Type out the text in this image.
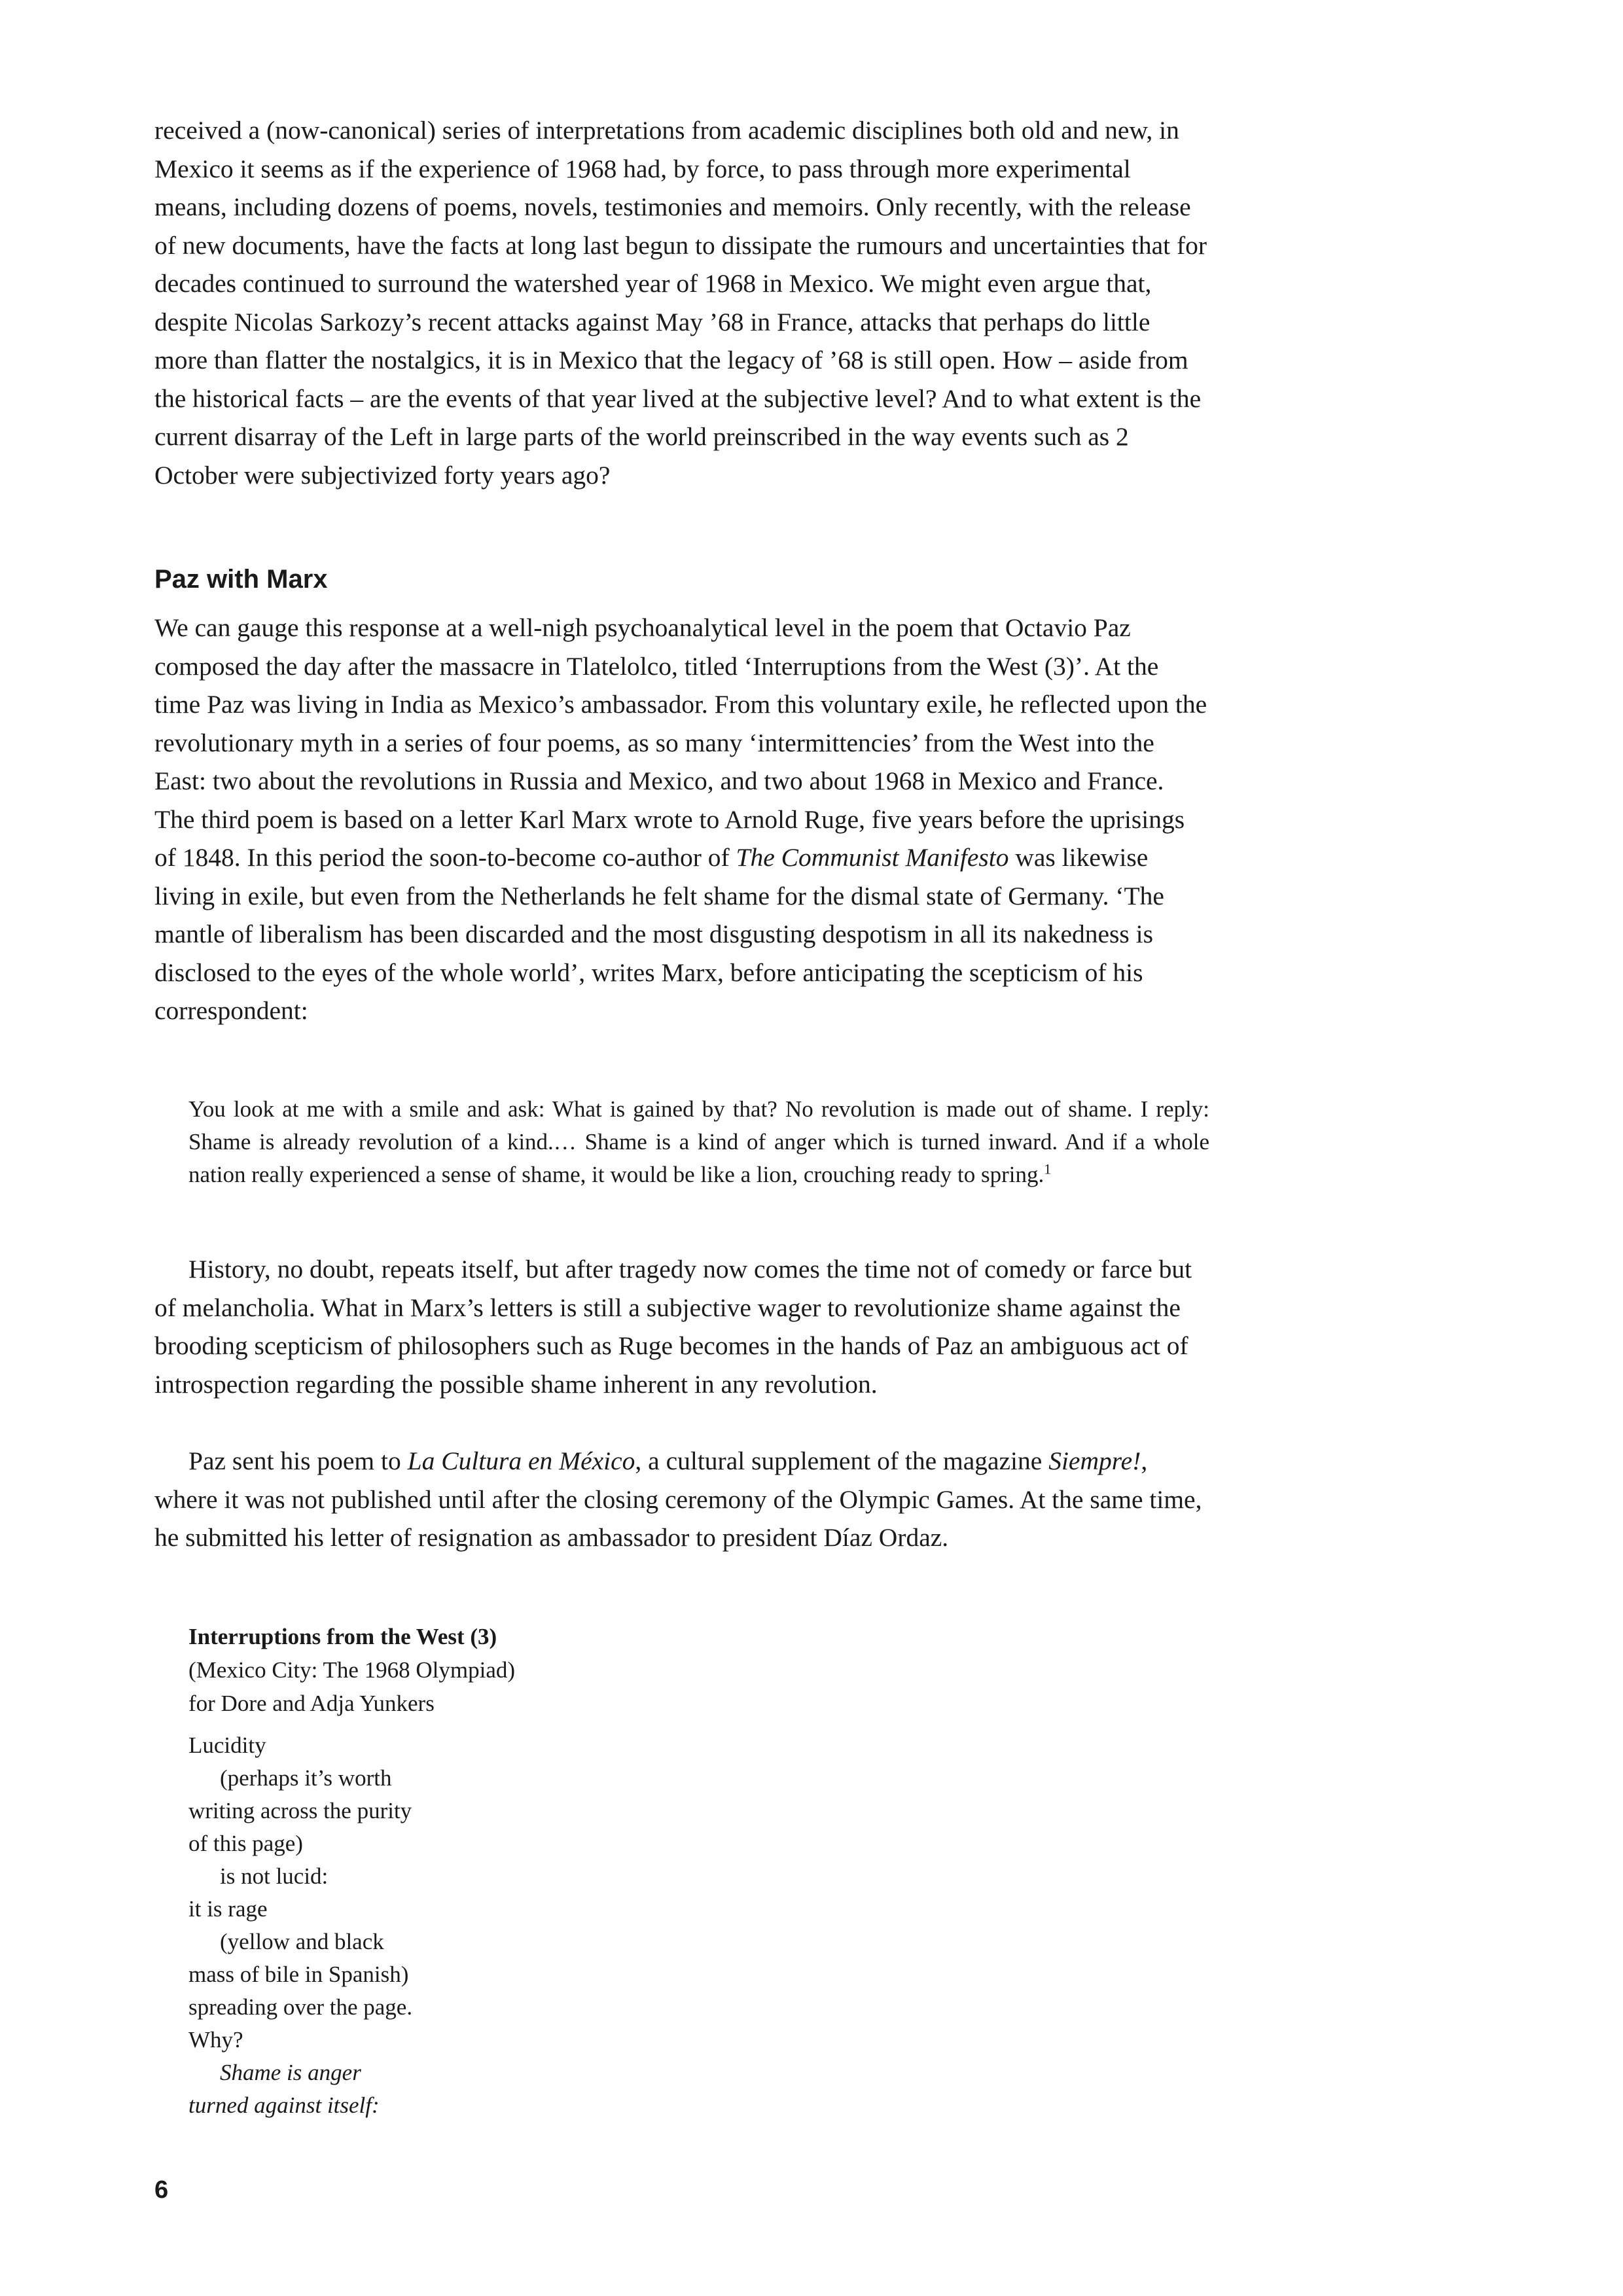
received a (now-canonical) series of interpretations from academic disciplines both old and new, in Mexico it seems as if the experience of 1968 had, by force, to pass through more experimental means, including dozens of poems, novels, testimonies and memoirs. Only recently, with the release of new documents, have the facts at long last begun to dissipate the rumours and uncertainties that for decades continued to surround the watershed year of 1968 in Mexico. We might even argue that, despite Nicolas Sarkozy’s recent attacks against May ’68 in France, attacks that perhaps do little more than flatter the nostalgics, it is in Mexico that the legacy of ’68 is still open. How – aside from the historical facts – are the events of that year lived at the subjective level? And to what extent is the current disarray of the Left in large parts of the world preinscribed in the way events such as 2 October were subjectivized forty years ago?

Paz with Marx

We can gauge this response at a well-nigh psychoanalytical level in the poem that Octavio Paz composed the day after the massacre in Tlatelolco, titled ‘Interruptions from the West (3)’. At the time Paz was living in India as Mexico’s ambassador. From this voluntary exile, he reflected upon the revolutionary myth in a series of four poems, as so many ‘intermittencies’ from the West into the East: two about the revolutions in Russia and Mexico, and two about 1968 in Mexico and France. The third poem is based on a letter Karl Marx wrote to Arnold Ruge, five years before the uprisings of 1848. In this period the soon-to-become co-author of The Communist Manifesto was likewise living in exile, but even from the Netherlands he felt shame for the dismal state of Germany. ‘The mantle of liberalism has been discarded and the most disgusting despotism in all its nakedness is disclosed to the eyes of the whole world’, writes Marx, before anticipating the scepticism of his correspondent:

You look at me with a smile and ask: What is gained by that? No revolution is made out of shame. I reply: Shame is already revolution of a kind.… Shame is a kind of anger which is turned inward. And if a whole nation really experienced a sense of shame, it would be like a lion, crouching ready to spring.$^1$

History, no doubt, repeats itself, but after tragedy now comes the time not of comedy or farce but of melancholia. What in Marx’s letters is still a subjective wager to revolutionize shame against the brooding scepticism of philosophers such as Ruge becomes in the hands of Paz an ambiguous act of introspection regarding the possible shame inherent in any revolution.

Paz sent his poem to La Cultura en México, a cultural supplement of the magazine Siempre!, where it was not published until after the closing ceremony of the Olympic Games. At the same time, he submitted his letter of resignation as ambassador to president Díaz Ordaz.

Interruptions from the West (3)
(Mexico City: The 1968 Olympiad)
for Dore and Adja Yunkers
Lucidity
(perhaps it’s worth
writing across the purity
of this page)
is not lucid:
it is rage
(yellow and black
mass of bile in Spanish)
spreading over the page.
Why?
Shame is anger
turned against itself:
6
